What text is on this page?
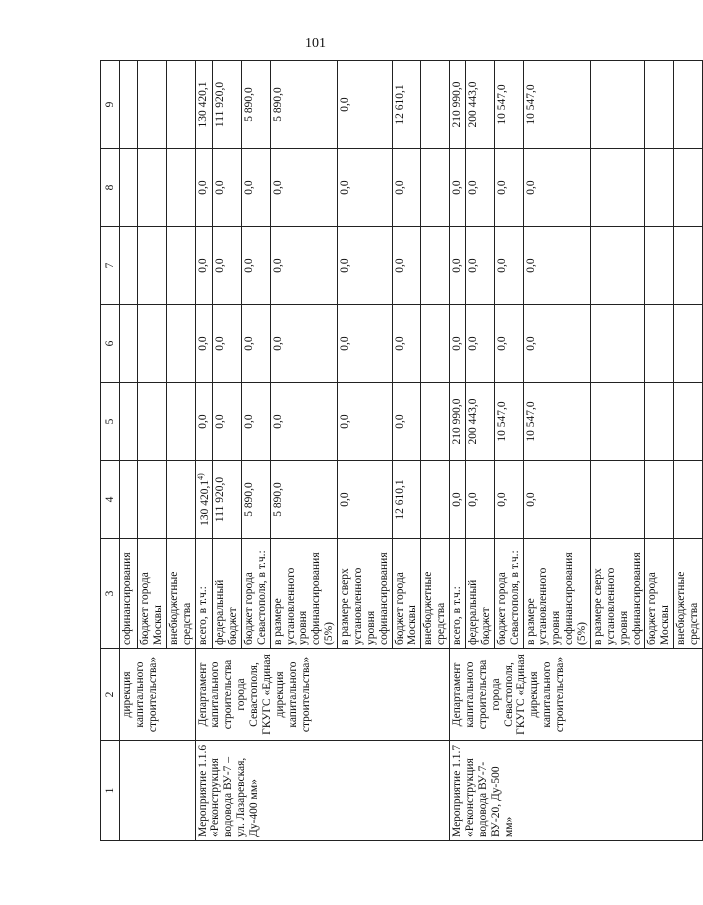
101
1	2	3	4	5	6	7	8	9
	дирекция капитального строительства»	софинансирования						
		бюджет города Москвы						
		внебюджетные средства						
Мероприятие 1.1.6 «Реконструкция водовода ВУ-7 – ул. Лазаревская, Ду-400 мм»	Департамент капитального строительства города Севастополя, ГКУГС «Единая дирекция капитального строительства»	всего, в т.ч.:	130 420,1$^{4)}$	0,0	0,0	0,0	0,0	130 420,1
		федеральный бюджет	111 920,0	0,0	0,0	0,0	0,0	111 920,0
		бюджет города Севастополя, в т.ч.:	5 890,0	0,0	0,0	0,0	0,0	5 890,0
		в размере установленного уровня софинансирования (5%)	5 890,0	0,0	0,0	0,0	0,0	5 890,0
		в размере сверх установленного уровня софинансирования	0,0	0,0	0,0	0,0	0,0	0,0
		бюджет города Москвы	12 610,1	0,0	0,0	0,0	0,0	12 610,1
		внебюджетные средства						
Мероприятие 1.1.7 «Реконструкция водовода ВУ-7-ВУ-20, Ду-500 мм»	Департамент капитального строительства города Севастополя, ГКУГС «Единая дирекция капитального строительства»	всего, в т.ч.:	0,0	210 990,0	0,0	0,0	0,0	210 990,0
		федеральный бюджет	0,0	200 443,0	0,0	0,0	0,0	200 443,0
		бюджет города Севастополя, в т.ч.:	0,0	10 547,0	0,0	0,0	0,0	10 547,0
		в размере установленного уровня софинансирования (5%)	0,0	10 547,0	0,0	0,0	0,0	10 547,0
		в размере сверх установленного уровня софинансирования						
		бюджет города Москвы						
		внебюджетные средства						
